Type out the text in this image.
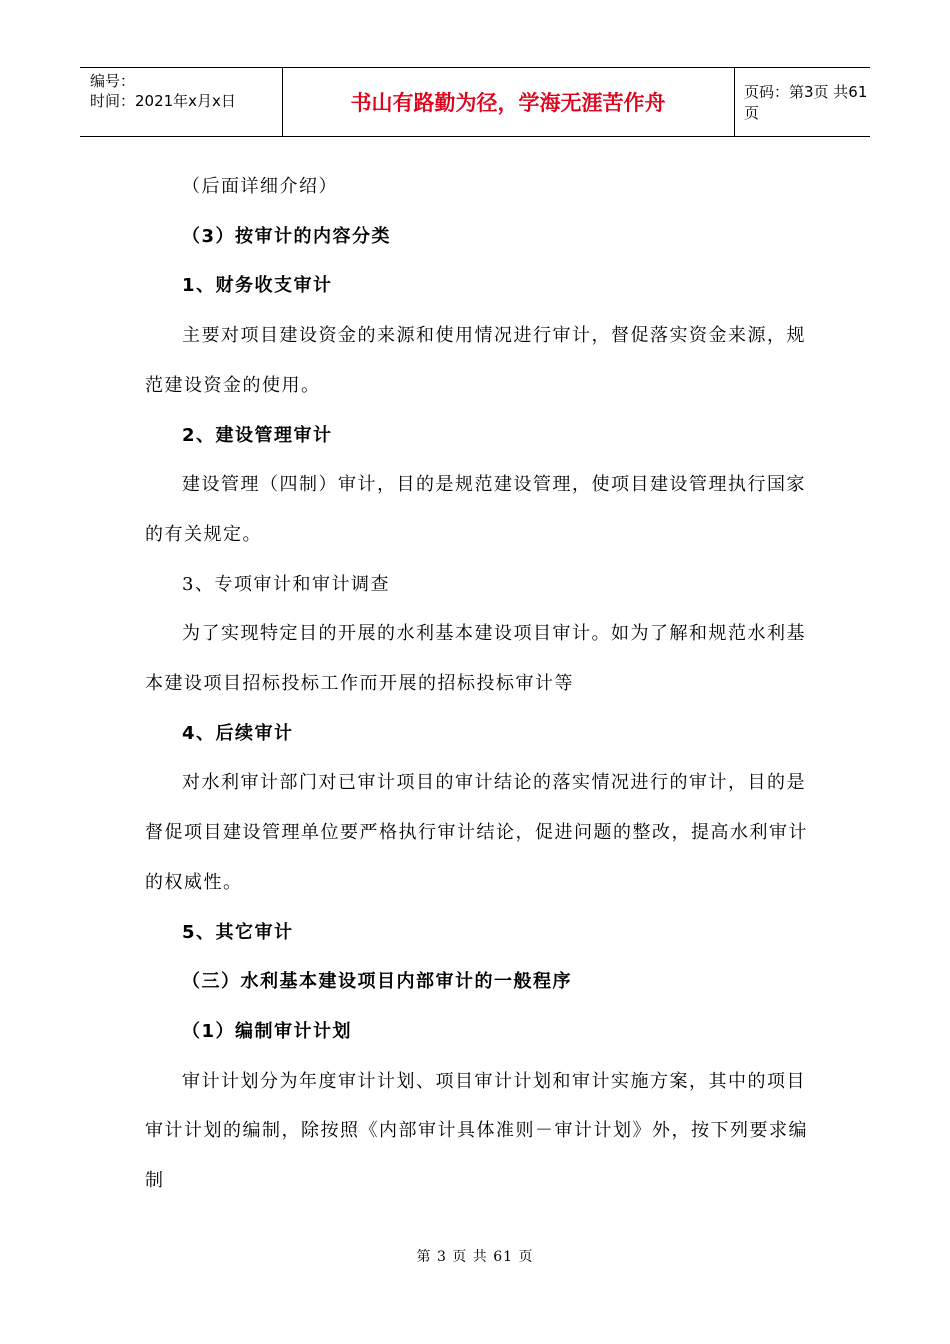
编号：
时间：2021年x月x日	书山有路勤为径，学海无涯苦作舟	页码：第3页 共61页

（后面详细介绍）

（3）按审计的内容分类

1、财务收支审计

主要对项目建设资金的来源和使用情况进行审计，督促落实资金来源，规

范建设资金的使用。

2、建设管理审计

建设管理（四制）审计，目的是规范建设管理，使项目建设管理执行国家

的有关规定。

3、专项审计和审计调查

为了实现特定目的开展的水利基本建设项目审计。如为了解和规范水利基

本建设项目招标投标工作而开展的招标投标审计等

4、后续审计

对水利审计部门对已审计项目的审计结论的落实情况进行的审计，目的是

督促项目建设管理单位要严格执行审计结论，促进问题的整改，提高水利审计

的权威性。

5、其它审计

（三）水利基本建设项目内部审计的一般程序

（1）编制审计计划

审计计划分为年度审计计划、项目审计计划和审计实施方案，其中的项目

审计计划的编制，除按照《内部审计具体准则－审计计划》外，按下列要求编

制

第 3 页 共 61 页
